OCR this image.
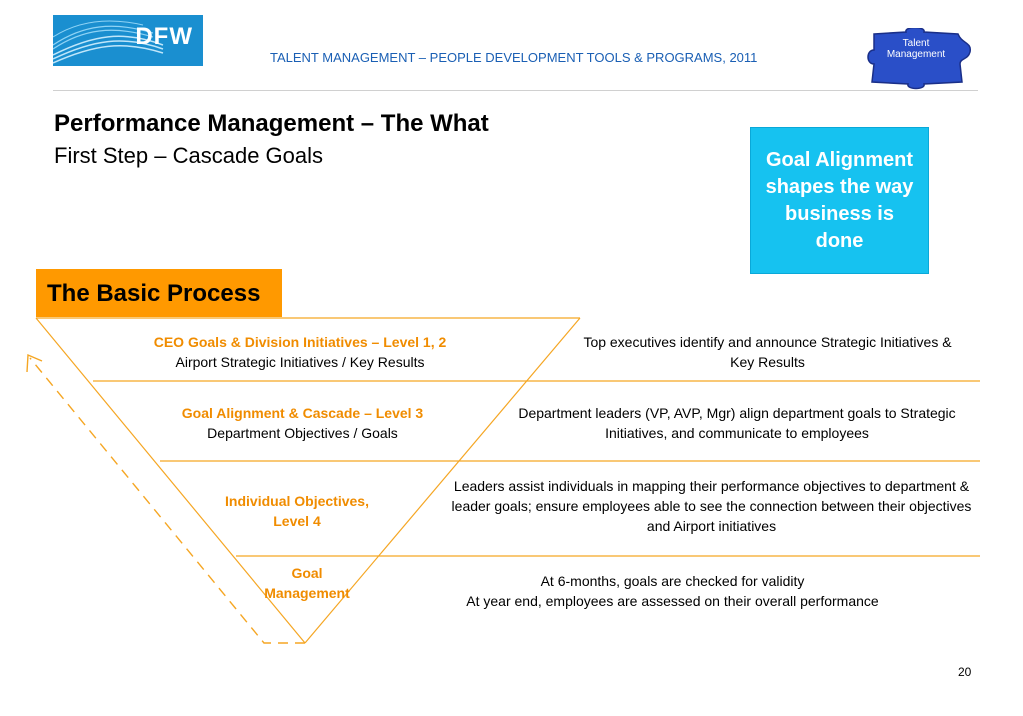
DFW
TALENT MANAGEMENT – PEOPLE DEVELOPMENT TOOLS & PROGRAMS, 2011
Talent
Management
Performance Management – The What
First Step – Cascade Goals	Goal Alignment shapes the way business is done
The Basic Process
CEO Goals & Division Initiatives – Level 1, 2
Airport Strategic Initiatives / Key Results
Top executives identify and announce Strategic Initiatives & Key Results
Goal Alignment & Cascade – Level 3
Department Objectives / Goals
Department leaders (VP, AVP, Mgr) align department goals to Strategic Initiatives, and communicate to employees
Individual Objectives, Level 4
Leaders assist individuals in mapping their performance objectives to department & leader goals; ensure employees able to see the connection between their objectives and Airport initiatives
Goal Management
At 6-months, goals are checked for validity
At year end, employees are assessed on their overall performance
20
